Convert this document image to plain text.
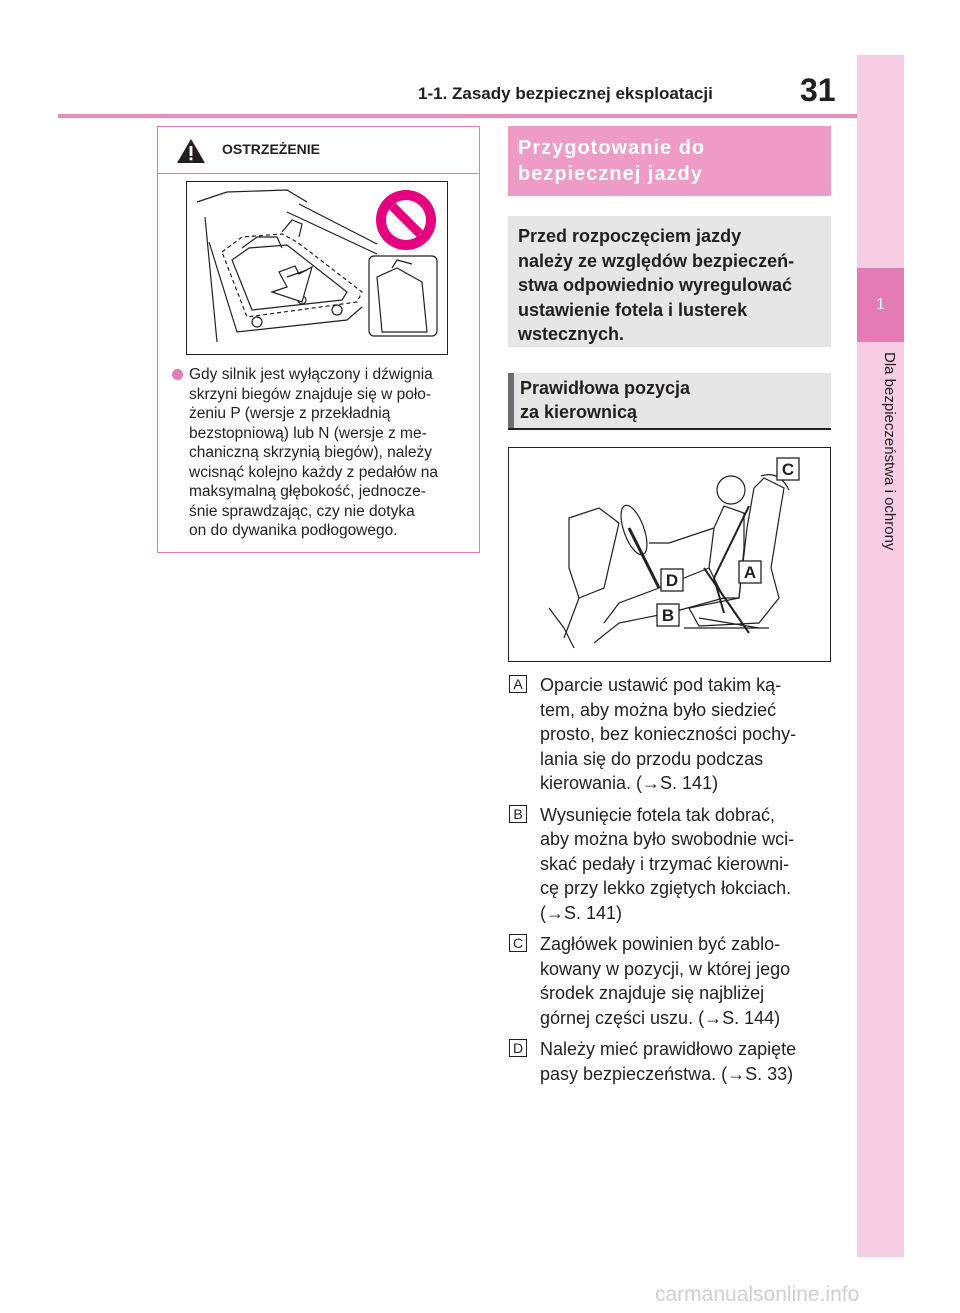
1-1. Zasady bezpiecznej eksploatacji	31
1
Dla bezpieczeństwa i ochrony
OSTRZEŻENIE

Gdy silnik jest wyłączony i dźwignia

skrzyni biegów znajduje się w poło-

żeniu P (wersje z przekładnią

bezstopniową) lub N (wersje z me-

chaniczną skrzynią biegów), należy

wcisnąć kolejno każdy z pedałów na

maksymalną głębokość, jednocze-

śnie sprawdzając, czy nie dotyka

on do dywanika podłogowego.

Przygotowanie do
bezpiecznej jazdy
Przed rozpoczęciem jazdy
należy ze względów bezpieczeń-
stwa odpowiednio wyregulować
ustawienie fotela i lusterek
wstecznych.
Prawidłowa pozycja
za kierownicą
C
A
D
B
A Oparcie ustawić pod takim ką-

tem, aby można było siedzieć

prosto, bez konieczności pochy-

lania się do przodu podczas

kierowania. (→S. 141)

B Wysunięcie fotela tak dobrać,

aby można było swobodnie wci-

skać pedały i trzymać kierowni-

cę przy lekko zgiętych łokciach.

(→S. 141)

C Zagłówek powinien być zablo-

kowany w pozycji, w której jego

środek znajduje się najbliżej

górnej części uszu. (→S. 144)

D Należy mieć prawidłowo zapięte

pasy bezpieczeństwa. (→S. 33)

carmanualsonline.info
